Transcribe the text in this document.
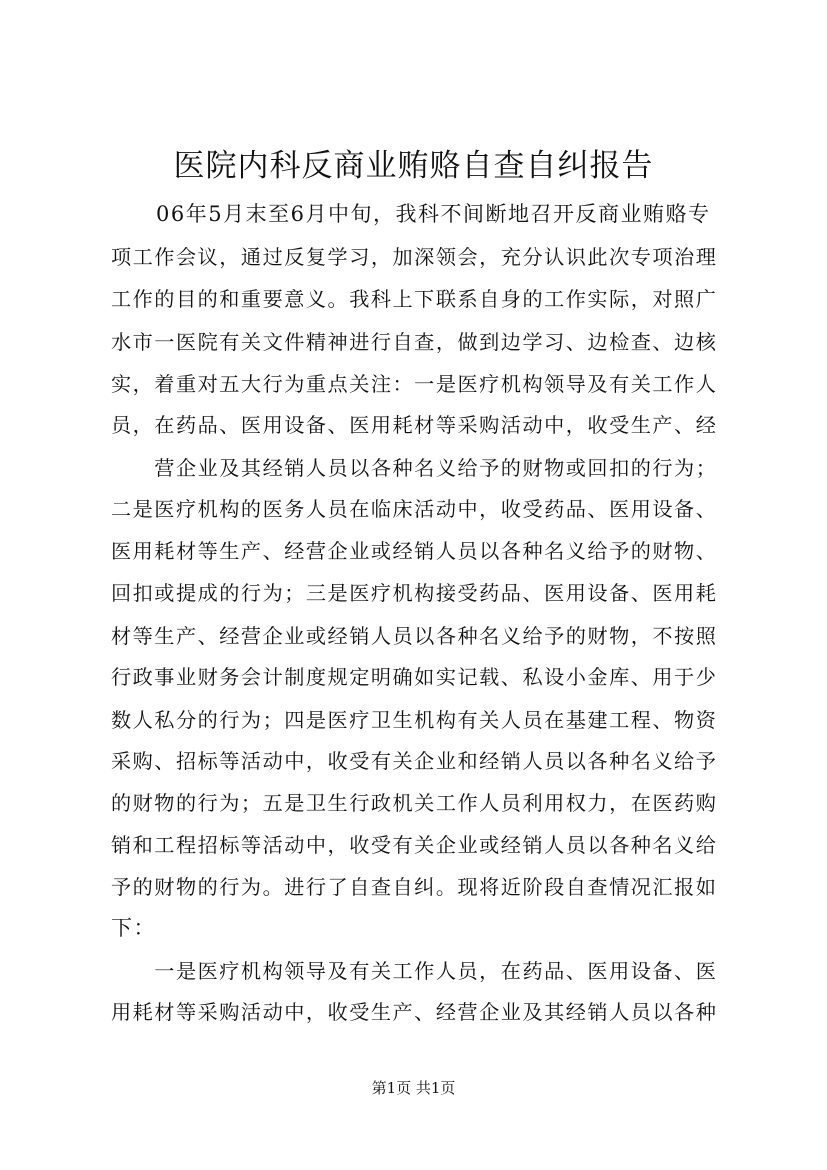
医院内科反商业贿赂自查自纠报告
　　06年5月末至6月中旬，我科不间断地召开反商业贿赂专
项工作会议，通过反复学习，加深领会，充分认识此次专项治理
工作的目的和重要意义。我科上下联系自身的工作实际，对照广
水市一医院有关文件精神进行自查，做到边学习、边检查、边核
实，着重对五大行为重点关注：一是医疗机构领导及有关工作人
员，在药品、医用设备、医用耗材等采购活动中，收受生产、经
　　营企业及其经销人员以各种名义给予的财物或回扣的行为；
二是医疗机构的医务人员在临床活动中，收受药品、医用设备、
医用耗材等生产、经营企业或经销人员以各种名义给予的财物、
回扣或提成的行为；三是医疗机构接受药品、医用设备、医用耗
材等生产、经营企业或经销人员以各种名义给予的财物，不按照
行政事业财务会计制度规定明确如实记载、私设小金库、用于少
数人私分的行为；四是医疗卫生机构有关人员在基建工程、物资
采购、招标等活动中，收受有关企业和经销人员以各种名义给予
的财物的行为；五是卫生行政机关工作人员利用权力，在医药购
销和工程招标等活动中，收受有关企业或经销人员以各种名义给
予的财物的行为。进行了自查自纠。现将近阶段自查情况汇报如
下：
　　一是医疗机构领导及有关工作人员，在药品、医用设备、医
用耗材等采购活动中，收受生产、经营企业及其经销人员以各种
第1页 共1页
